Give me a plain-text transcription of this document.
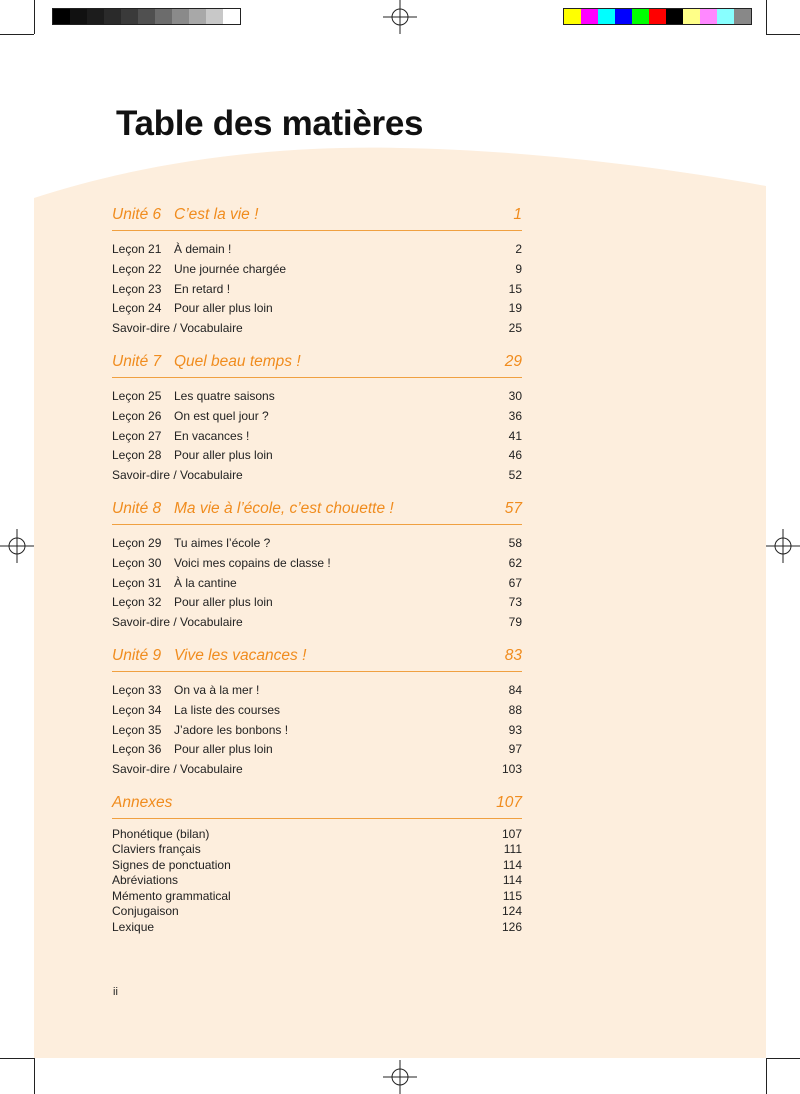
Table des matières
Unité 6 C’est la vie !	1
Leçon 21	À demain !	2
Leçon 22	Une journée chargée	9
Leçon 23	En retard !	15
Leçon 24	Pour aller plus loin	19
Savoir-dire / Vocabulaire	25
Unité 7 Quel beau temps !	29
Leçon 25	Les quatre saisons	30
Leçon 26	On est quel jour ?	36
Leçon 27	En vacances !	41
Leçon 28	Pour aller plus loin	46
Savoir-dire / Vocabulaire	52
Unité 8 Ma vie à l’école, c’est chouette !	57
Leçon 29	Tu aimes l’école ?	58
Leçon 30	Voici mes copains de classe !	62
Leçon 31	À la cantine	67
Leçon 32	Pour aller plus loin	73
Savoir-dire / Vocabulaire	79
Unité 9 Vive les vacances !	83
Leçon 33	On va à la mer !	84
Leçon 34	La liste des courses	88
Leçon 35	J’adore les bonbons !	93
Leçon 36	Pour aller plus loin	97
Savoir-dire / Vocabulaire	103
Annexes	107
Phonétique (bilan)	107
Claviers français	111
Signes de ponctuation	114
Abréviations	114
Mémento grammatical	115
Conjugaison	124
Lexique	126
ii
